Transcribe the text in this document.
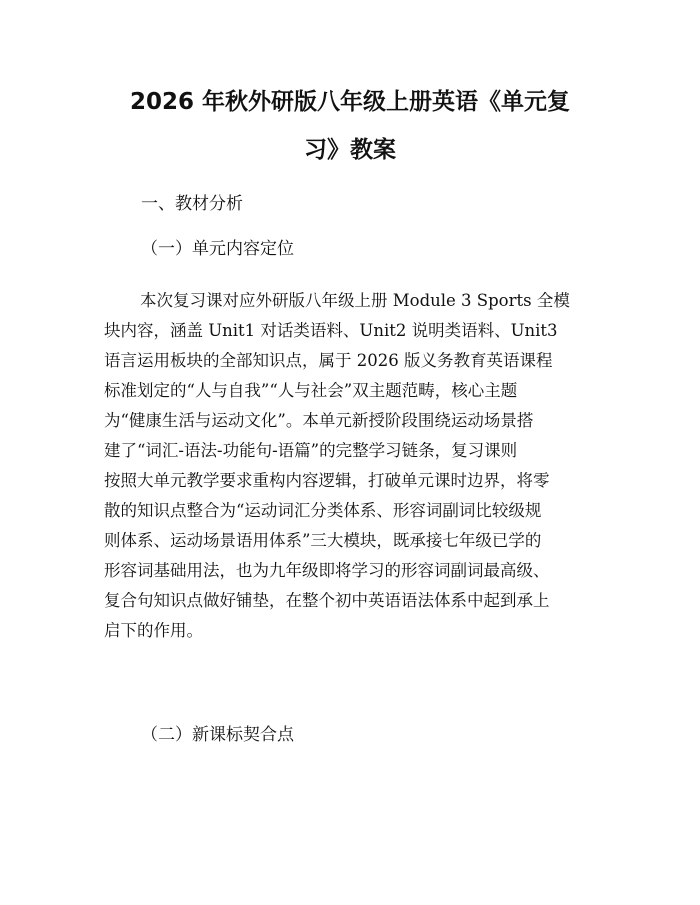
2026 年秋外研版八年级上册英语《单元复
习》教案
一、教材分析
（一）单元内容定位
本次复习课对应外研版八年级上册 Module 3 Sports 全模
块内容，涵盖 Unit1 对话类语料、Unit2 说明类语料、Unit3
语言运用板块的全部知识点，属于 2026 版义务教育英语课程
标准划定的“人与自我”“人与社会”双主题范畴，核心主题
为“健康生活与运动文化”。本单元新授阶段围绕运动场景搭
建了“词汇-语法-功能句-语篇”的完整学习链条，复习课则
按照大单元教学要求重构内容逻辑，打破单元课时边界，将零
散的知识点整合为“运动词汇分类体系、形容词副词比较级规
则体系、运动场景语用体系”三大模块，既承接七年级已学的
形容词基础用法，也为九年级即将学习的形容词副词最高级、
复合句知识点做好铺垫，在整个初中英语语法体系中起到承上
启下的作用。
（二）新课标契合点
